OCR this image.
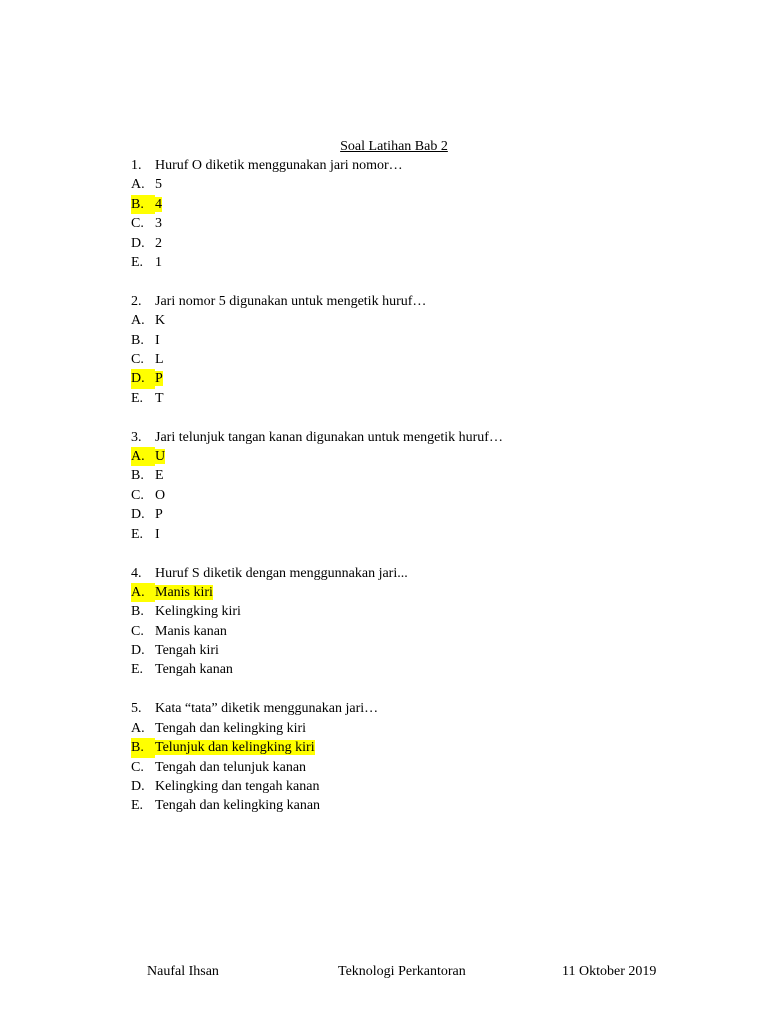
Soal Latihan Bab 2
1. Huruf O diketik menggunakan jari nomor…
A. 5
B. 4
C. 3
D. 2
E. 1
2. Jari nomor 5 digunakan untuk mengetik huruf…
A. K
B. I
C. L
D. P
E. T
3. Jari telunjuk tangan kanan digunakan untuk mengetik huruf…
A. U
B. E
C. O
D. P
E. I
4. Huruf S diketik dengan menggunnakan jari...
A. Manis kiri
B. Kelingking kiri
C. Manis kanan
D. Tengah kiri
E. Tengah kanan
5. Kata “tata” diketik menggunakan jari…
A. Tengah dan kelingking kiri
B. Telunjuk dan kelingking kiri
C. Tengah dan telunjuk kanan
D. Kelingking dan tengah kanan
E. Tengah dan kelingking kanan
Naufal Ihsan	Teknologi Perkantoran	11 Oktober 2019
